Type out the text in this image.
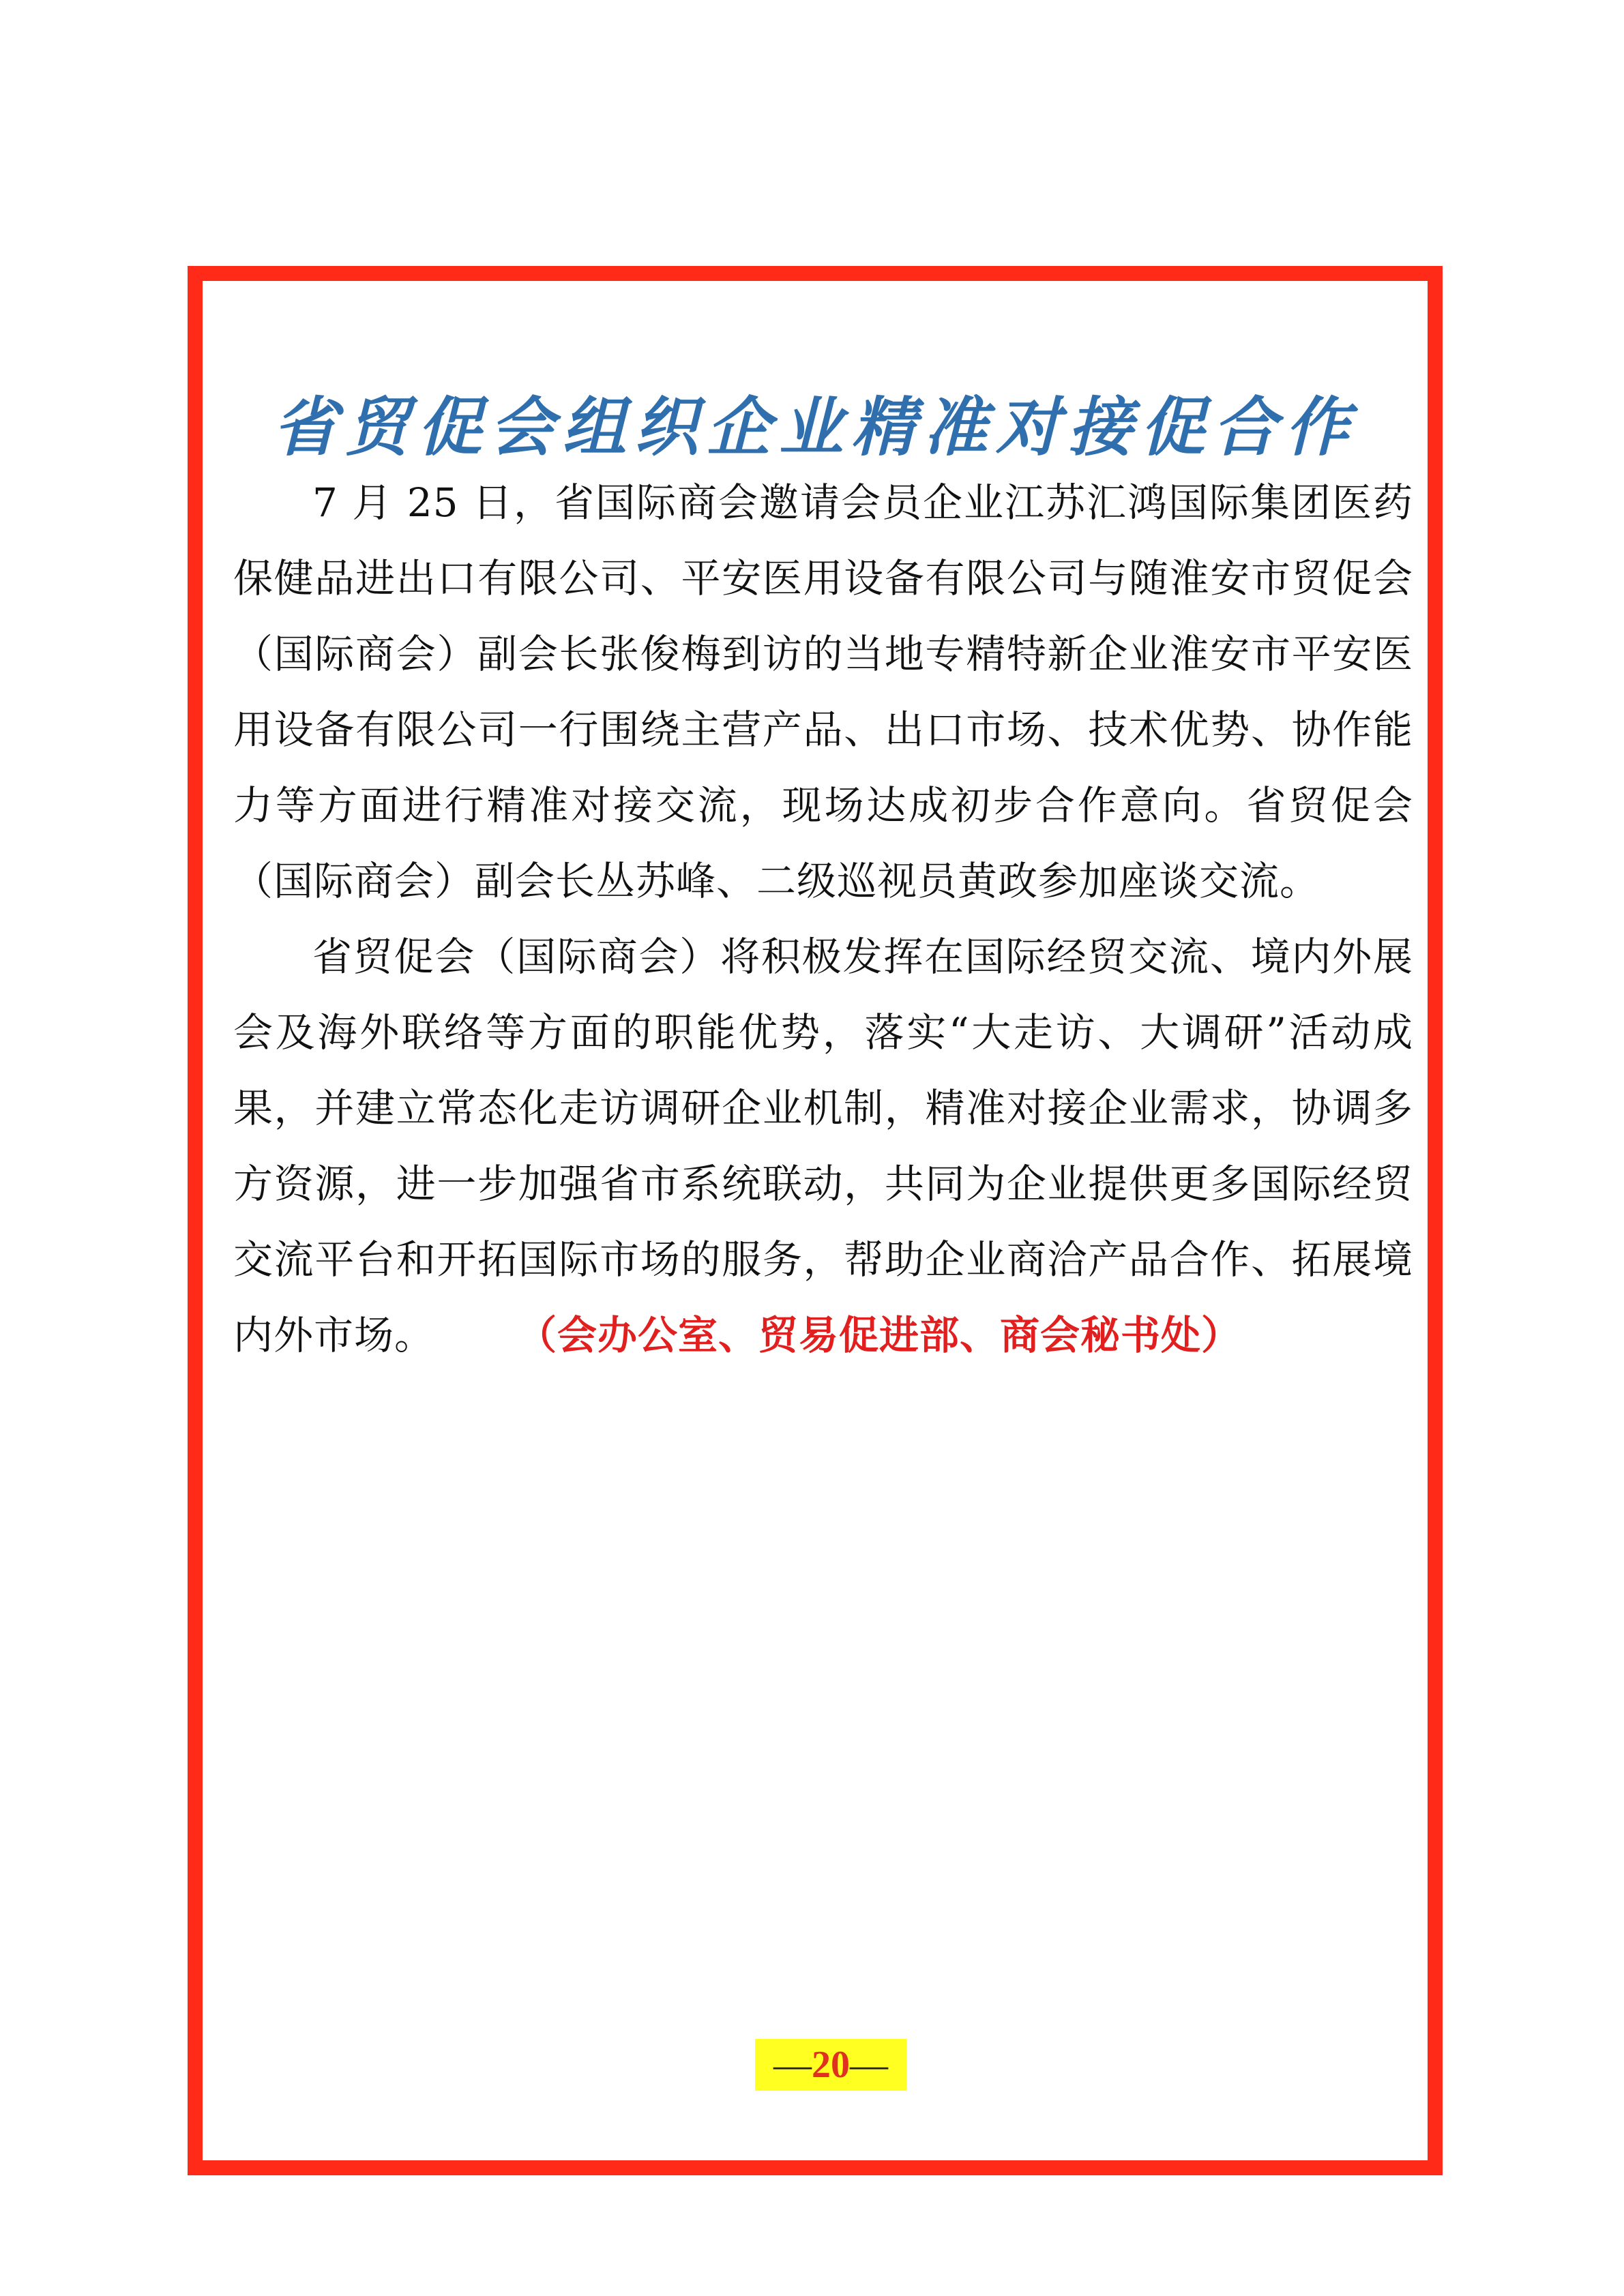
省贸促会组织企业精准对接促合作

7 月 25 日，省国际商会邀请会员企业江苏汇鸿国际集团医药保健品进出口有限公司、平安医用设备有限公司与随淮安市贸促会（国际商会）副会长张俊梅到访的当地专精特新企业淮安市平安医用设备有限公司一行围绕主营产品、出口市场、技术优势、协作能力等方面进行精准对接交流，现场达成初步合作意向。省贸促会（国际商会）副会长丛苏峰、二级巡视员黄政参加座谈交流。

省贸促会（国际商会）将积极发挥在国际经贸交流、境内外展会及海外联络等方面的职能优势，落实“大走访、大调研”活动成果，并建立常态化走访调研企业机制，精准对接企业需求，协调多方资源，进一步加强省市系统联动，共同为企业提供更多国际经贸交流平台和开拓国际市场的服务，帮助企业商洽产品合作、拓展境内外市场。	（会办公室、贸易促进部、商会秘书处）

— 20 —
